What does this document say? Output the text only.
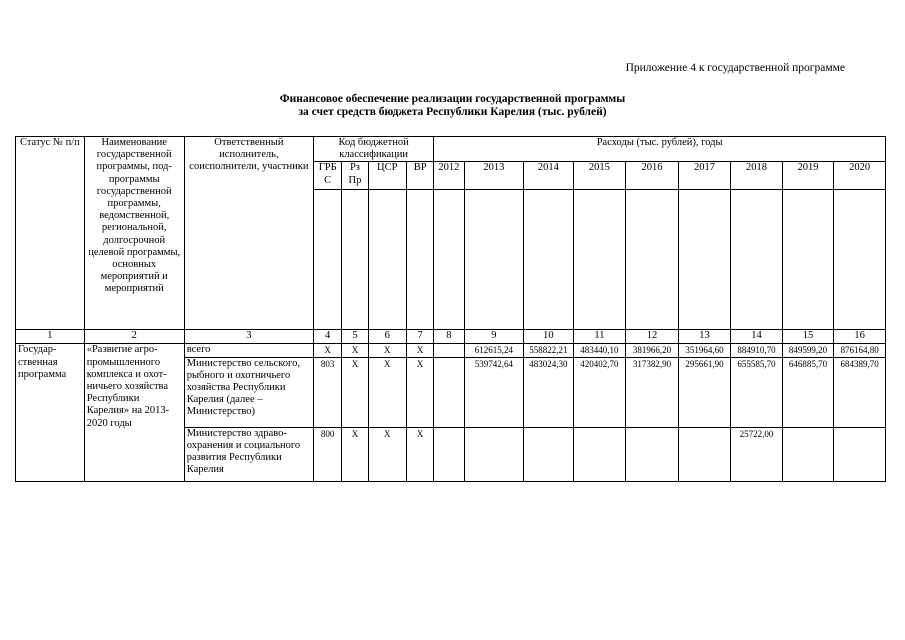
Приложение 4 к государственной программе
Финансовое обеспечение реализации государственной программы
за счет средств бюджета Республики Карелия (тыс. рублей)
Статус № п/п	Наименование государственной программы, под-программы государственной программы, ведомственной, региональной, долгосрочной целевой программы, основных мероприятий и мероприятий	Ответственный исполнитель, соисполнители, участники	Код бюджетной классификации				Расходы (тыс. рублей), годы								
			ГРБ С	Рз Пр	ЦСР	ВР	2012	2013	2014	2015	2016	2017	2018	2019	2020

1	2	3	4	5	6	7	8	9	10	11	12	13	14	15	16
Государ-ственная программа	«Развитие агро-промышленного комплекса и охот-ничьего хозяйства Республики Карелия» на 2013-2020 годы	всего	X	X	X	X		612615,24	558822,21	483440,10	381966,20	351964,60	884910,70	849599,20	876164,80
		Министерство сельского, рыбного и охотничьего хозяйства Республики Карелия (далее – Министерство)	803	X	X	X		539742,64	483024,30	420402,70	317382,90	295661,90	655585,70	646885,70	684389,70
		Министерство здраво-охранения и социального развития Республики Карелия	800	X	X	X							25722,00		
